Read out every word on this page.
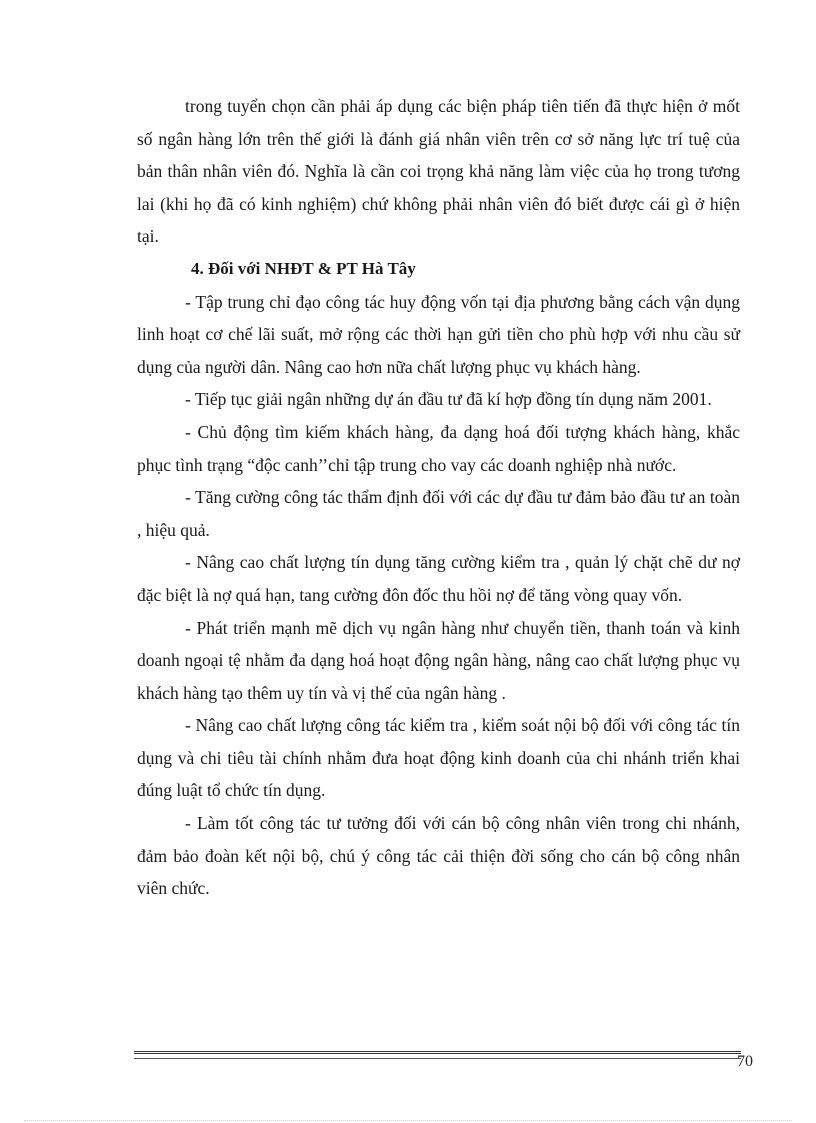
trong tuyển chọn cần phải áp dụng các biện pháp tiên tiến đã thực hiện ở mốt số ngân hàng lớn trên thế giới là đánh giá nhân viên trên cơ sở năng lực trí tuệ của bản thân nhân viên đó. Nghĩa là cần coi trọng khả năng làm việc của họ trong tương lai (khi họ đã có kinh nghiệm) chứ không phải nhân viên đó biết được cái gì ở hiện tại.

4. Đối với NHĐT & PT Hà Tây

- Tập trung chỉ đạo công tác huy động vốn tại địa phương bằng cách vận dụng linh hoạt cơ chế lãi suất, mở rộng các thời hạn gửi tiền cho phù hợp với nhu cầu sử dụng của người dân. Nâng cao hơn nữa chất lượng phục vụ khách hàng.

- Tiếp tục giải ngân những dự án đầu tư đã kí hợp đồng tín dụng năm 2001.

- Chủ động tìm kiếm khách hàng, đa dạng hoá đối tượng khách hàng, khắc phục tình trạng “độc canh’’chỉ tập trung cho vay các doanh nghiệp nhà nước.

- Tăng cường công tác thẩm định đối với các dự đầu tư đảm bảo đầu tư an toàn , hiệu quả.

- Nâng cao chất lượng tín dụng tăng cường kiểm tra , quản lý chặt chẽ dư nợ đặc biệt là nợ quá hạn, tang cường đôn đốc thu hồi nợ để tăng vòng quay vốn.

- Phát triển mạnh mẽ dịch vụ ngân hàng như chuyển tiền, thanh toán và kinh doanh ngoại tệ nhằm đa dạng hoá hoạt động ngân hàng, nâng cao chất lượng phục vụ khách hàng tạo thêm uy tín và vị thế của ngân hàng .

- Nâng cao chất lượng công tác kiểm tra , kiểm soát nội bộ đối với công tác tín dụng và chi tiêu tài chính nhằm đưa hoạt động kinh doanh của chi nhánh triển khai đúng luật tổ chức tín dụng.

- Làm tốt công tác tư tưởng đối với cán bộ công nhân viên trong chi nhánh, đảm bảo đoàn kết nội bộ, chú ý công tác cải thiện đời sống cho cán bộ công nhân viên chức.

70
